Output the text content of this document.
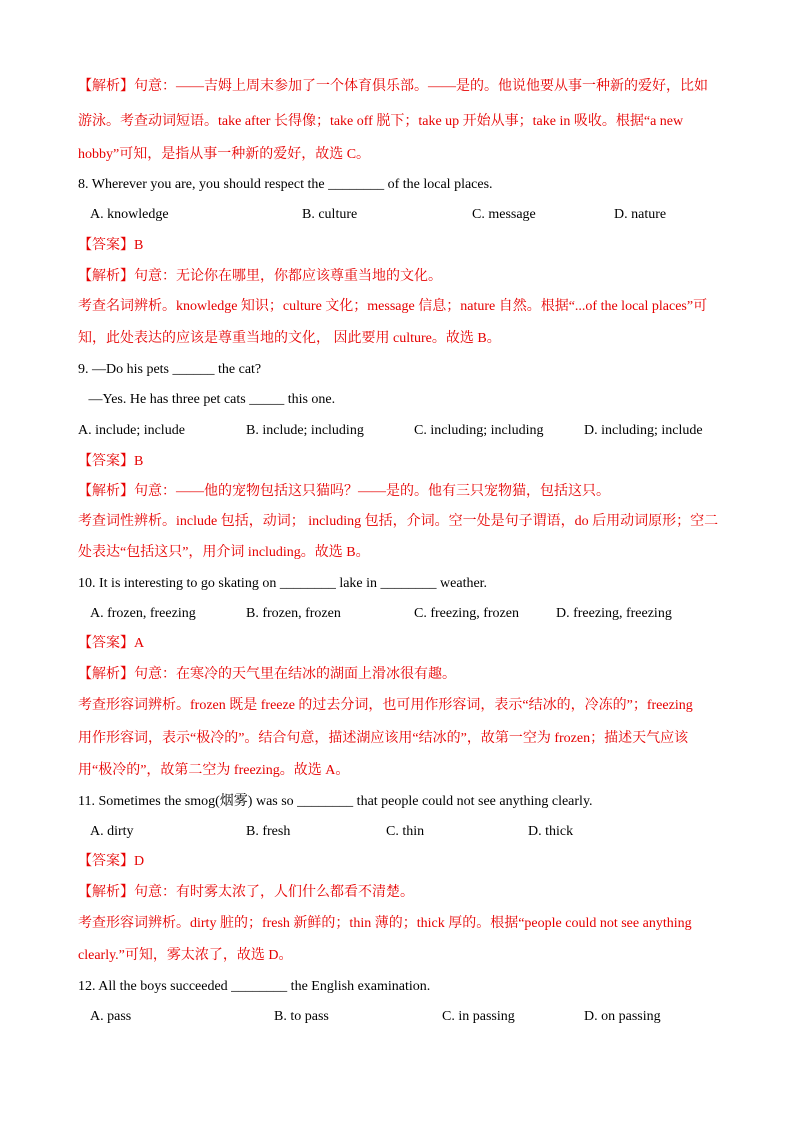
【解析】句意：——吉姆上周末参加了一个体育俱乐部。——是的。他说他要从事一种新的爱好，比如
游泳。考查动词短语。take after 长得像；take off 脱下；take up 开始从事；take in 吸收。根据“a new
hobby”可知，是指从事一种新的爱好，故选 C。
8. Wherever you are, you should respect the ________ of the local places.
A. knowledge	B. culture	C. message	D. nature
【答案】B
【解析】句意：无论你在哪里，你都应该尊重当地的文化。
考查名词辨析。knowledge 知识；culture 文化；message 信息；nature 自然。根据“...of the local places”可
知，此处表达的应该是尊重当地的文化， 因此要用 culture。故选 B。
9. —Do his pets ______ the cat?
—Yes. He has three pet cats _____ this one.
A. include; include	B. include; including	C. including; including	D. including; include
【答案】B
【解析】句意：——他的宠物包括这只猫吗？——是的。他有三只宠物猫，包括这只。
考查词性辨析。include 包括，动词； including 包括，介词。空一处是句子谓语，do 后用动词原形；空二
处表达“包括这只”，用介词 including。故选 B。
10. It is interesting to go skating on ________ lake in ________ weather.
A. frozen, freezing	B. frozen, frozen	C. freezing, frozen	D. freezing, freezing
【答案】A
【解析】句意：在寒冷的天气里在结冰的湖面上滑冰很有趣。
考查形容词辨析。frozen 既是 freeze 的过去分词，也可用作形容词，表示“结冰的，冷冻的”；freezing
用作形容词，表示“极冷的”。结合句意，描述湖应该用“结冰的”，故第一空为 frozen；描述天气应该
用“极冷的”，故第二空为 freezing。故选 A。
11. Sometimes the smog(烟雾) was so ________ that people could not see anything clearly.
A. dirty	B. fresh	C. thin	D. thick
【答案】D
【解析】句意：有时雾太浓了，人们什么都看不清楚。
考查形容词辨析。dirty 脏的；fresh 新鲜的；thin 薄的；thick 厚的。根据“people could not see anything
clearly.”可知，雾太浓了，故选 D。
12. All the boys succeeded ________ the English examination.
A. pass	B. to pass	C. in passing	D. on passing
